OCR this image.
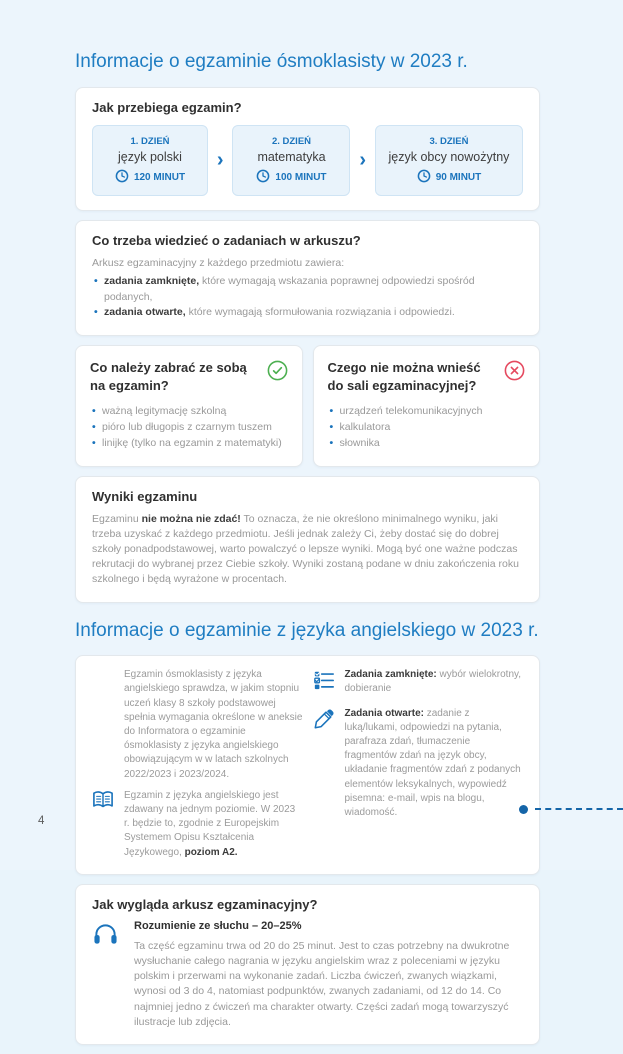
Informacje o egzaminie ósmoklasisty w 2023 r.
Jak przebiega egzamin?
1. DZIEŃ
język polski
120 MINUT
›
2. DZIEŃ
matematyka
100 MINUT
›
3. DZIEŃ
język obcy nowożytny
90 MINUT
Co trzeba wiedzieć o zadaniach w arkuszu?

Arkusz egzaminacyjny z każdego przedmiotu zawiera:

• zadania zamknięte, które wymagają wskazania poprawnej odpowiedzi spośród podanych,
• zadania otwarte, które wymagają sformułowania rozwiązania i odpowiedzi.
Co należy zabrać ze sobą na egzamin?
• ważną legitymację szkolną
• pióro lub długopis z czarnym tuszem
• linijkę (tylko na egzamin z matematyki)
Czego nie można wnieść do sali egzaminacyjnej?
• urządzeń telekomunikacyjnych
• kalkulatora
• słownika
Wyniki egzaminu

Egzaminu nie można nie zdać! To oznacza, że nie określono minimalnego wyniku, jaki trzeba uzyskać z każdego przedmiotu. Jeśli jednak zależy Ci, żeby dostać się do dobrej szkoły ponadpodstawowej, warto powalczyć o lepsze wyniki. Mogą być one ważne podczas rekrutacji do wybranej przez Ciebie szkoły. Wyniki zostaną podane w dniu zakończenia roku szkolnego i będą wyrażone w procentach.

Informacje o egzaminie z języka angielskiego w 2023 r.
Egzamin ósmoklasisty z języka angielskiego sprawdza, w jakim stopniu uczeń klasy 8 szkoły podstawowej spełnia wymagania określone w aneksie do Informatora o egzaminie ósmoklasisty z języka angielskiego obowiązującym w w latach szkolnych 2022/2023 i 2023/2024.
Egzamin z języka angielskiego jest zdawany na jednym poziomie. W 2023 r. będzie to, zgodnie z Europejskim Systemem Opisu Kształcenia Językowego, poziom A2.
Zadania zamknięte: wybór wielokrotny, dobieranie
Zadania otwarte: zadanie z luką/lukami, odpowiedzi na pytania, parafraza zdań, tłumaczenie fragmentów zdań na język obcy, układanie fragmentów zdań z podanych elementów leksykalnych, wypowiedź pisemna: e-mail, wpis na blogu, wiadomość.
Jak wygląda arkusz egzaminacyjny?

Rozumienie ze słuchu – 20–25%

Ta część egzaminu trwa od 20 do 25 minut. Jest to czas potrzebny na dwukrotne wysłuchanie całego nagrania w języku angielskim wraz z poleceniami w języku polskim i przerwami na wykonanie zadań. Liczba ćwiczeń, zwanych wiązkami, wynosi od 3 do 4, natomiast podpunktów, zwanych zadaniami, od 12 do 14. Co najmniej jedno z ćwiczeń ma charakter otwarty. Części zadań mogą towarzyszyć ilustracje lub zdjęcia.

4
